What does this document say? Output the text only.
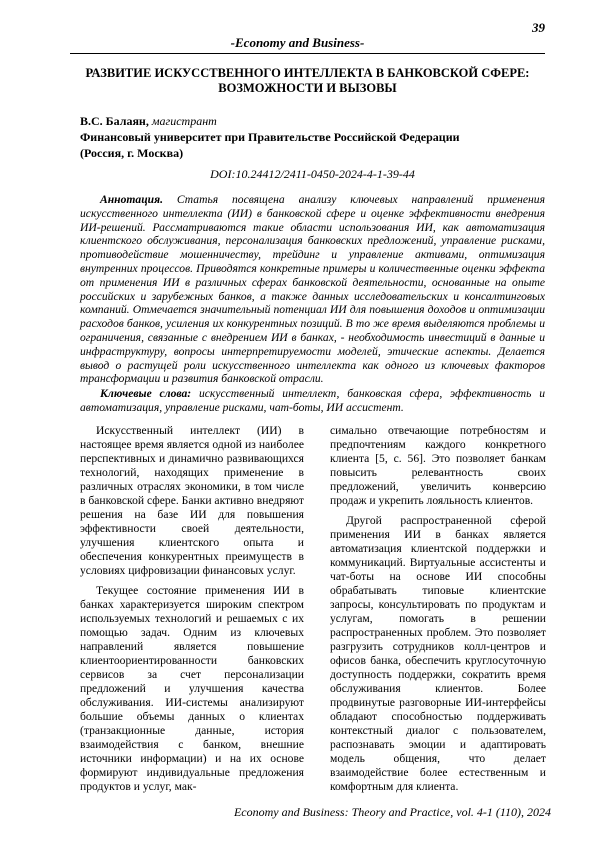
39
-Economy and Business-
РАЗВИТИЕ ИСКУССТВЕННОГО ИНТЕЛЛЕКТА В БАНКОВСКОЙ СФЕРЕ: ВОЗМОЖНОСТИ И ВЫЗОВЫ
В.С. Балаян, магистрант
Финансовый университет при Правительстве Российской Федерации
(Россия, г. Москва)
DOI:10.24412/2411-0450-2024-4-1-39-44

Аннотация. Статья посвящена анализу ключевых направлений применения искусственного интеллекта (ИИ) в банковской сфере и оценке эффективности внедрения ИИ-решений. Рассматриваются такие области использования ИИ, как автоматизация клиентского обслуживания, персонализация банковских предложений, управление рисками, противодействие мошенничеству, трейдинг и управление активами, оптимизация внутренних процессов. Приводятся конкретные примеры и количественные оценки эффекта от применения ИИ в различных сферах банковской деятельности, основанные на опыте российских и зарубежных банков, а также данных исследовательских и консалтинговых компаний. Отмечается значительный потенциал ИИ для повышения доходов и оптимизации расходов банков, усиления их конкурентных позиций. В то же время выделяются проблемы и ограничения, связанные с внедрением ИИ в банках, - необходимость инвестиций в данные и инфраструктуру, вопросы интерпретируемости моделей, этические аспекты. Делается вывод о растущей роли искусственного интеллекта как одного из ключевых факторов трансформации и развития банковской отрасли.

Ключевые слова: искусственный интеллект, банковская сфера, эффективность и автоматизация, управление рисками, чат-боты, ИИ ассистент.

Искусственный интеллект (ИИ) в настоящее время является одной из наиболее перспективных и динамично развивающихся технологий, находящих применение в различных отраслях экономики, в том числе в банковской сфере. Банки активно внедряют решения на базе ИИ для повышения эффективности своей деятельности, улучшения клиентского опыта и обеспечения конкурентных преимуществ в условиях цифровизации финансовых услуг.

Текущее состояние применения ИИ в банках характеризуется широким спектром используемых технологий и решаемых с их помощью задач. Одним из ключевых направлений является повышение клиентоориентированности банковских сервисов за счет персонализации предложений и улучшения качества обслуживания. ИИ-системы анализируют большие объемы данных о клиентах (транзакционные данные, история взаимодействия с банком, внешние источники информации) и на их основе формируют индивидуальные предложения продуктов и услуг, мак-

симально отвечающие потребностям и предпочтениям каждого конкретного клиента [5, с. 56]. Это позволяет банкам повысить релевантность своих предложений, увеличить конверсию продаж и укрепить лояльность клиентов.

Другой распространенной сферой применения ИИ в банках является автоматизация клиентской поддержки и коммуникаций. Виртуальные ассистенты и чат-боты на основе ИИ способны обрабатывать типовые клиентские запросы, консультировать по продуктам и услугам, помогать в решении распространенных проблем. Это позволяет разгрузить сотрудников колл-центров и офисов банка, обеспечить круглосуточную доступность поддержки, сократить время обслуживания клиентов. Более продвинутые разговорные ИИ-интерфейсы обладают способностью поддерживать контекстный диалог с пользователем, распознавать эмоции и адаптировать модель общения, что делает взаимодействие более естественным и комфортным для клиента.

Economy and Business: Theory and Practice, vol. 4-1 (110), 2024
